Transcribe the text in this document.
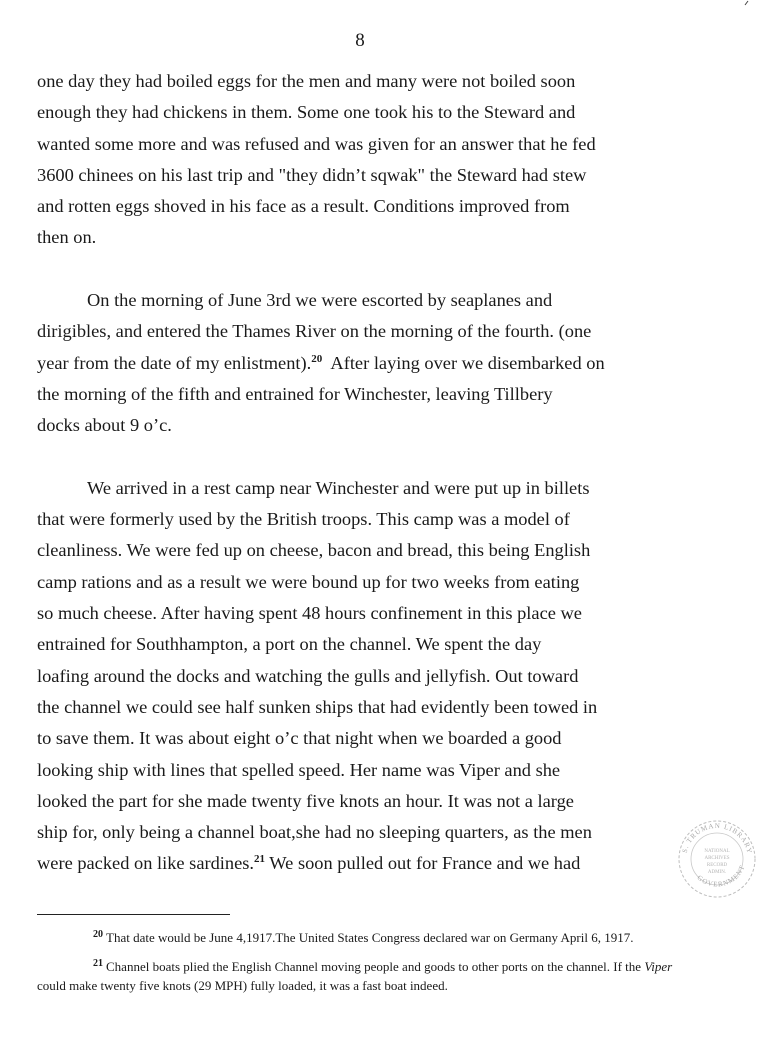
8

one day they had boiled eggs for the men and many were not boiled soon
enough they had chickens in them. Some one took his to the Steward and
wanted some more and was refused and was given for an answer that he fed
3600 chinees on his last trip and "they didn’t sqwak" the Steward had stew
and rotten eggs shoved in his face as a result. Conditions improved from
then on.

On the morning of June 3rd we were escorted by seaplanes and
dirigibles, and entered the Thames River on the morning of the fourth. (one
year from the date of my enlistment).$^{20}$ After laying over we disembarked on
the morning of the fifth and entrained for Winchester, leaving Tillbery
docks about 9 o’c.

We arrived in a rest camp near Winchester and were put up in billets
that were formerly used by the British troops. This camp was a model of
cleanliness. We were fed up on cheese, bacon and bread, this being English
camp rations and as a result we were bound up for two weeks from eating
so much cheese. After having spent 48 hours confinement in this place we
entrained for Southhampton, a port on the channel. We spent the day
loafing around the docks and watching the gulls and jellyfish. Out toward
the channel we could see half sunken ships that had evidently been towed in
to save them. It was about eight o’c that night when we boarded a good
looking ship with lines that spelled speed. Her name was Viper and she
looked the part for she made twenty five knots an hour. It was not a large
ship for, only being a channel boat,she had no sleeping quarters, as the men
were packed on like sardines.$^{21}$ We soon pulled out for France and we had

$^{20}$ That date would be June 4,1917.The United States Congress declared war on Germany April 6, 1917.

$^{21}$ Channel boats plied the English Channel moving people and goods to other ports on the channel. If the Viper could make twenty five knots (29 MPH) fully loaded, it was a fast boat indeed.

S. TRUMAN LIBRARY
GOVERNMENT
NATIONAL
ARCHIVES
RECORD
ADMIN.
